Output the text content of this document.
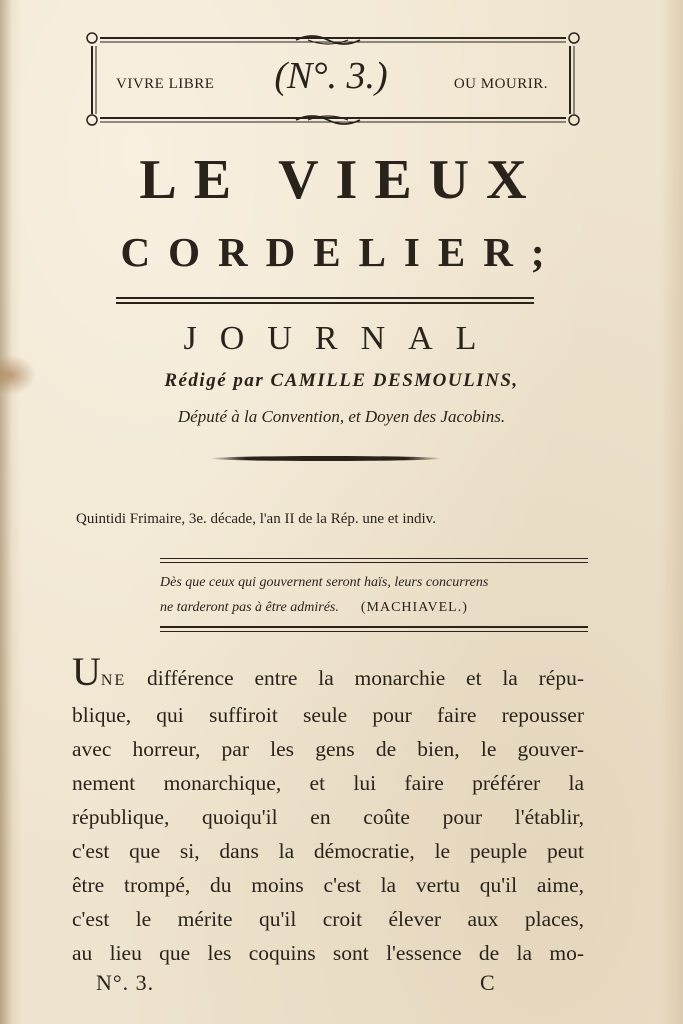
VIVRE LIBRE	(N°. 3.)	OU MOURIR.
LE VIEUX
CORDELIER;
JOURNAL
Rédigé par CAMILLE DESMOULINS,
Député à la Convention, et Doyen des Jacobins.
Quintidi Frimaire, 3e. décade, l'an II de la Rép. une et indiv.
Dès que ceux qui gouvernent seront haïs, leurs concurrens
ne tarderont pas à être admirés. (MACHIAVEL.)
UNE différence entre la monarchie et la répu-
blique, qui suffiroit seule pour faire repousser
avec horreur, par les gens de bien, le gouver-
nement monarchique, et lui faire préférer la
république, quoiqu'il en coûte pour l'établir,
c'est que si, dans la démocratie, le peuple peut
être trompé, du moins c'est la vertu qu'il aime,
c'est le mérite qu'il croit élever aux places,
au lieu que les coquins sont l'essence de la mo-
N°. 3.	C
